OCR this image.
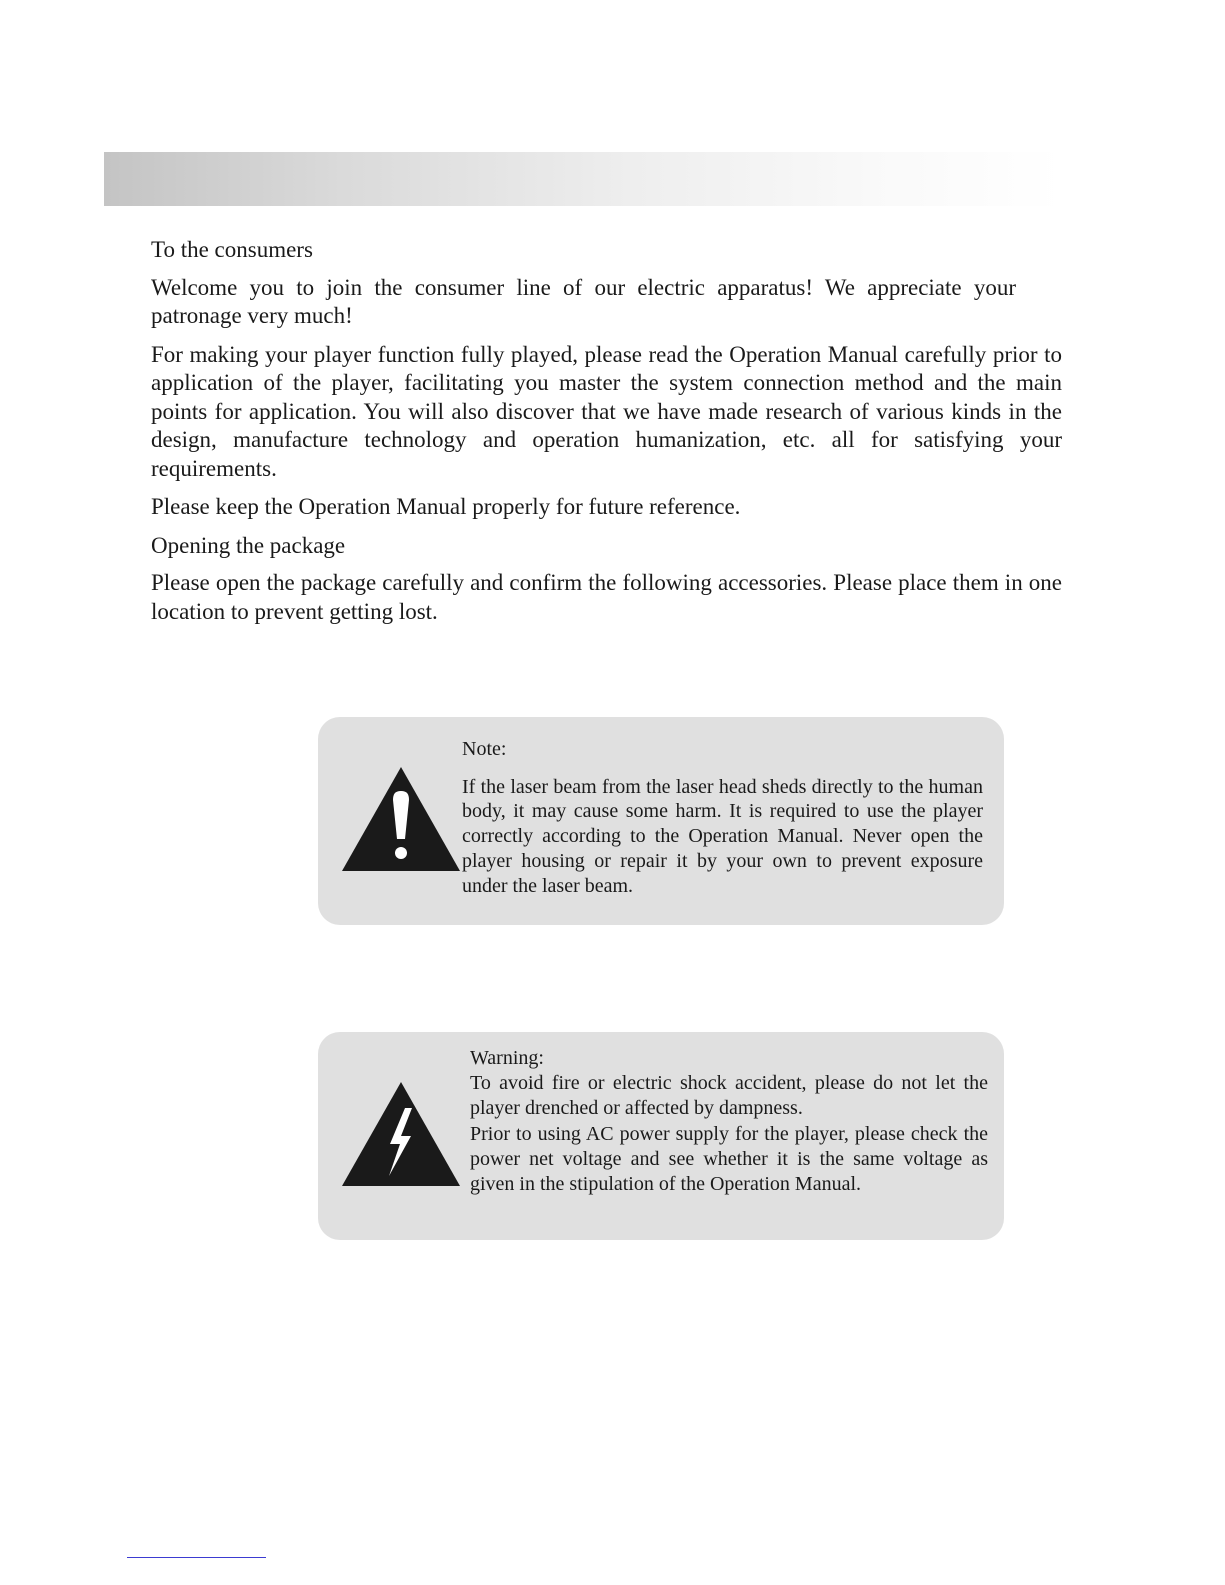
To the consumers

Welcome you to join the consumer line of our electric apparatus! We appreciate your patronage very much!

For making your player function fully played, please read the Operation Manual carefully prior to application of the player, facilitating you master the system connection method and the main points for application. You will also discover that we have made research of various kinds in the design, manufacture technology and operation humanization, etc. all for satisfying your requirements.

Please keep the Operation Manual properly for future reference.

Opening the package

Please open the package carefully and confirm the following accessories. Please place them in one location to prevent getting lost.

Note:

If the laser beam from the laser head sheds directly to the human body, it may cause some harm. It is required to use the player correctly according to the Operation Manual. Never open the player housing or repair it by your own to prevent exposure under the laser beam.

Warning:

To avoid fire or electric shock accident, please do not let the player drenched or affected by dampness.

Prior to using AC power supply for the player, please check the power net voltage and see whether it is the same voltage as given in the stipulation of the Operation Manual.
